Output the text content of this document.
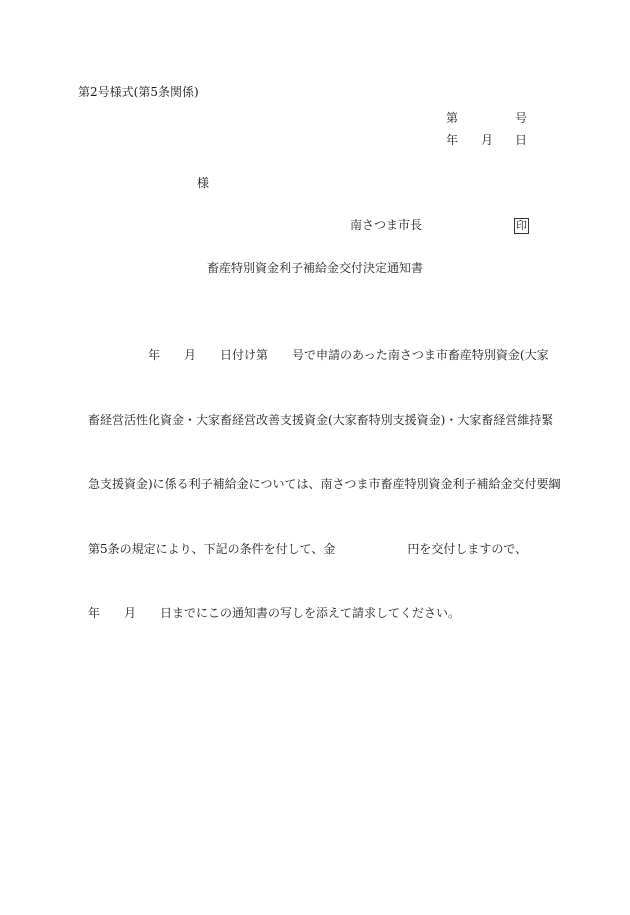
第2号様式(第5条関係)
第	号
年 月 日
様
南さつま市長	印
畜産特別資金利子補給金交付決定通知書

年　　月　　日付け第　　号で申請のあった南さつま市畜産特別資金(大家

畜経営活性化資金・大家畜経営改善支援資金(大家畜特別支援資金)・大家畜経営維持緊

急支援資金)に係る利子補給金については、南さつま市畜産特別資金利子補給金交付要綱

第5条の規定により、下記の条件を付して、金　　　　　　円を交付しますので、

年　　月　　日までにこの通知書の写しを添えて請求してください。
